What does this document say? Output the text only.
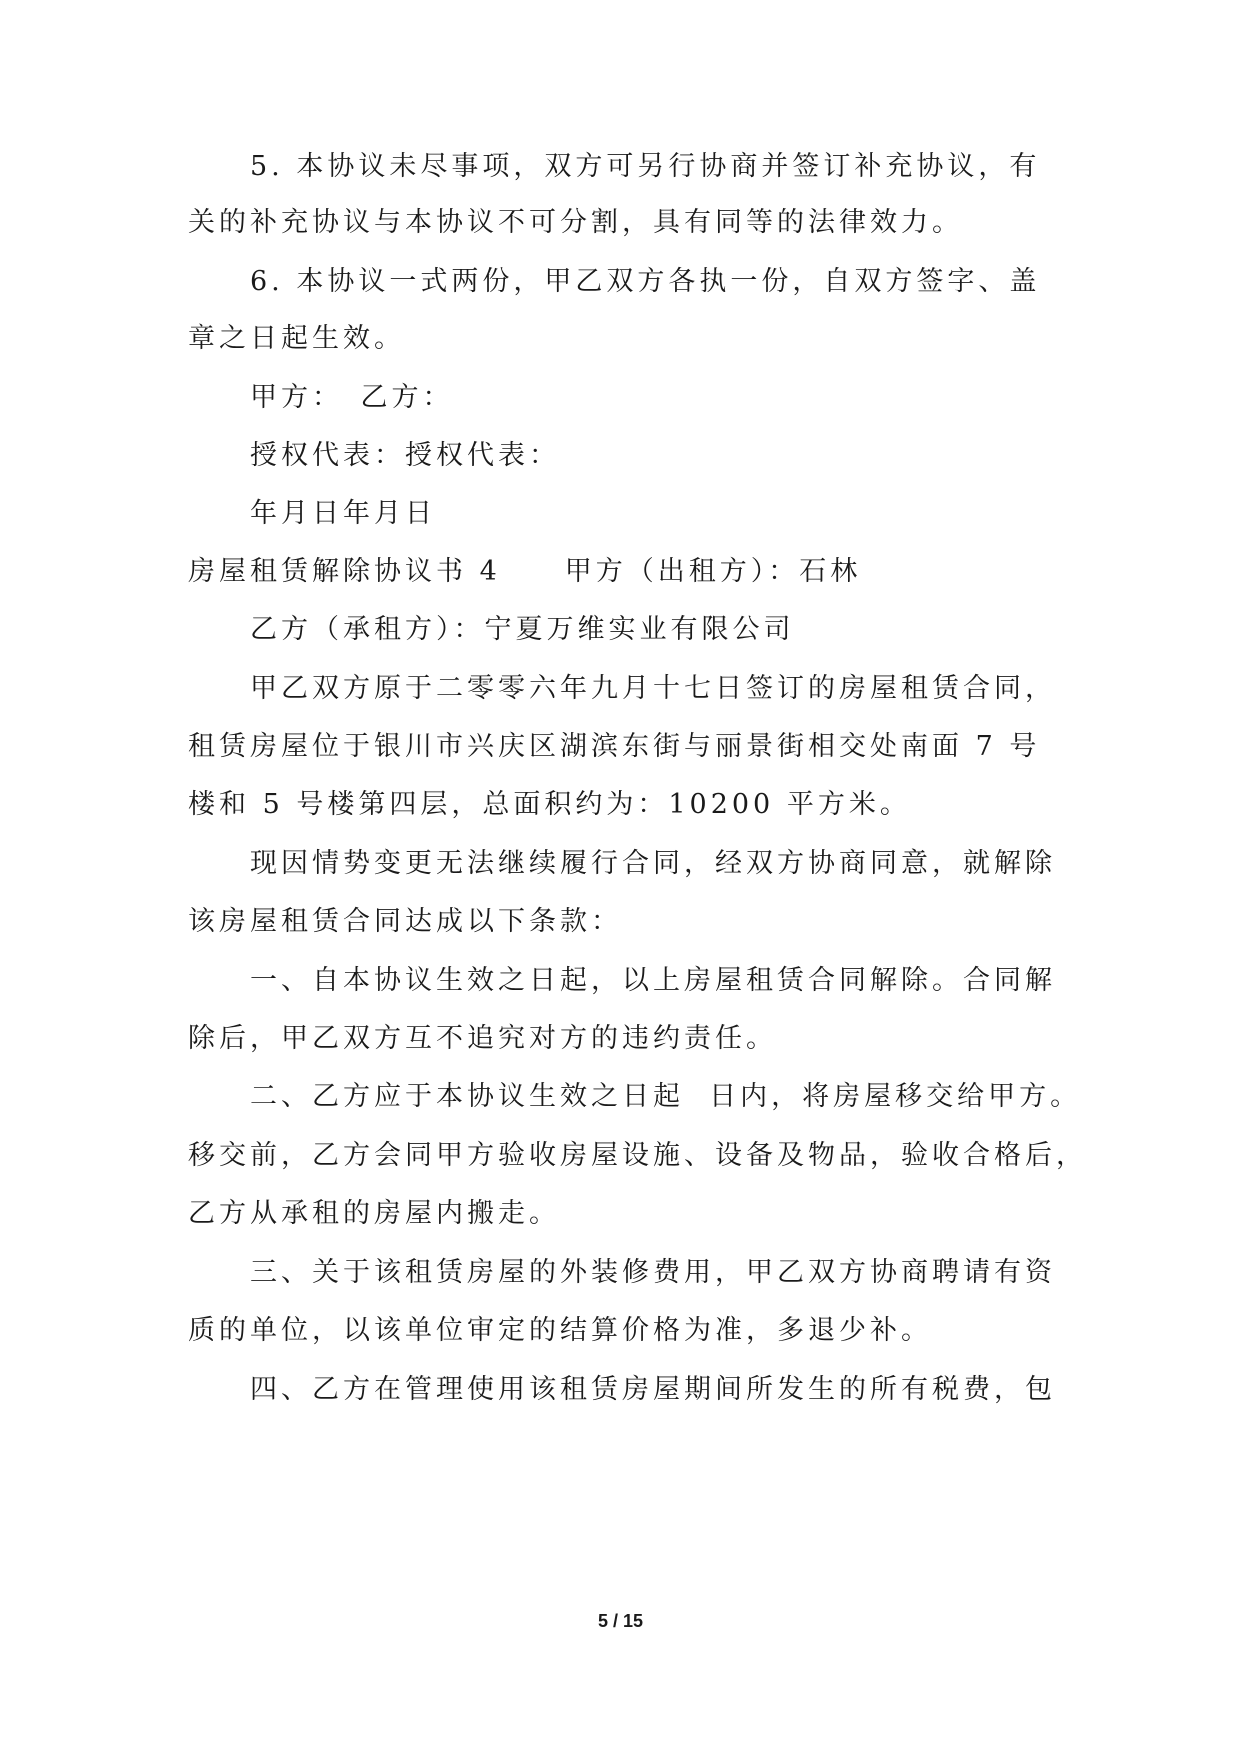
5. 本协议未尽事项，双方可另行协商并签订补充协议，有
关的补充协议与本协议不可分割，具有同等的法律效力。
6. 本协议一式两份，甲乙双方各执一份，自双方签字、盖
章之日起生效。
甲方：　乙方：
授权代表：授权代表：
年月日年月日
房屋租赁解除协议书 4 甲方（出租方）：石林
乙方（承租方）：宁夏万维实业有限公司
甲乙双方原于二零零六年九月十七日签订的房屋租赁合同，
租赁房屋位于银川市兴庆区湖滨东街与丽景街相交处南面 7 号
楼和 5 号楼第四层，总面积约为：10200 平方米。
现因情势变更无法继续履行合同，经双方协商同意，就解除
该房屋租赁合同达成以下条款：
一、自本协议生效之日起，以上房屋租赁合同解除。合同解
除后，甲乙双方互不追究对方的违约责任。
二、乙方应于本协议生效之日起  日内，将房屋移交给甲方。
移交前，乙方会同甲方验收房屋设施、设备及物品，验收合格后，
乙方从承租的房屋内搬走。
三、关于该租赁房屋的外装修费用，甲乙双方协商聘请有资
质的单位，以该单位审定的结算价格为准，多退少补。
四、乙方在管理使用该租赁房屋期间所发生的所有税费，包
5 / 15
